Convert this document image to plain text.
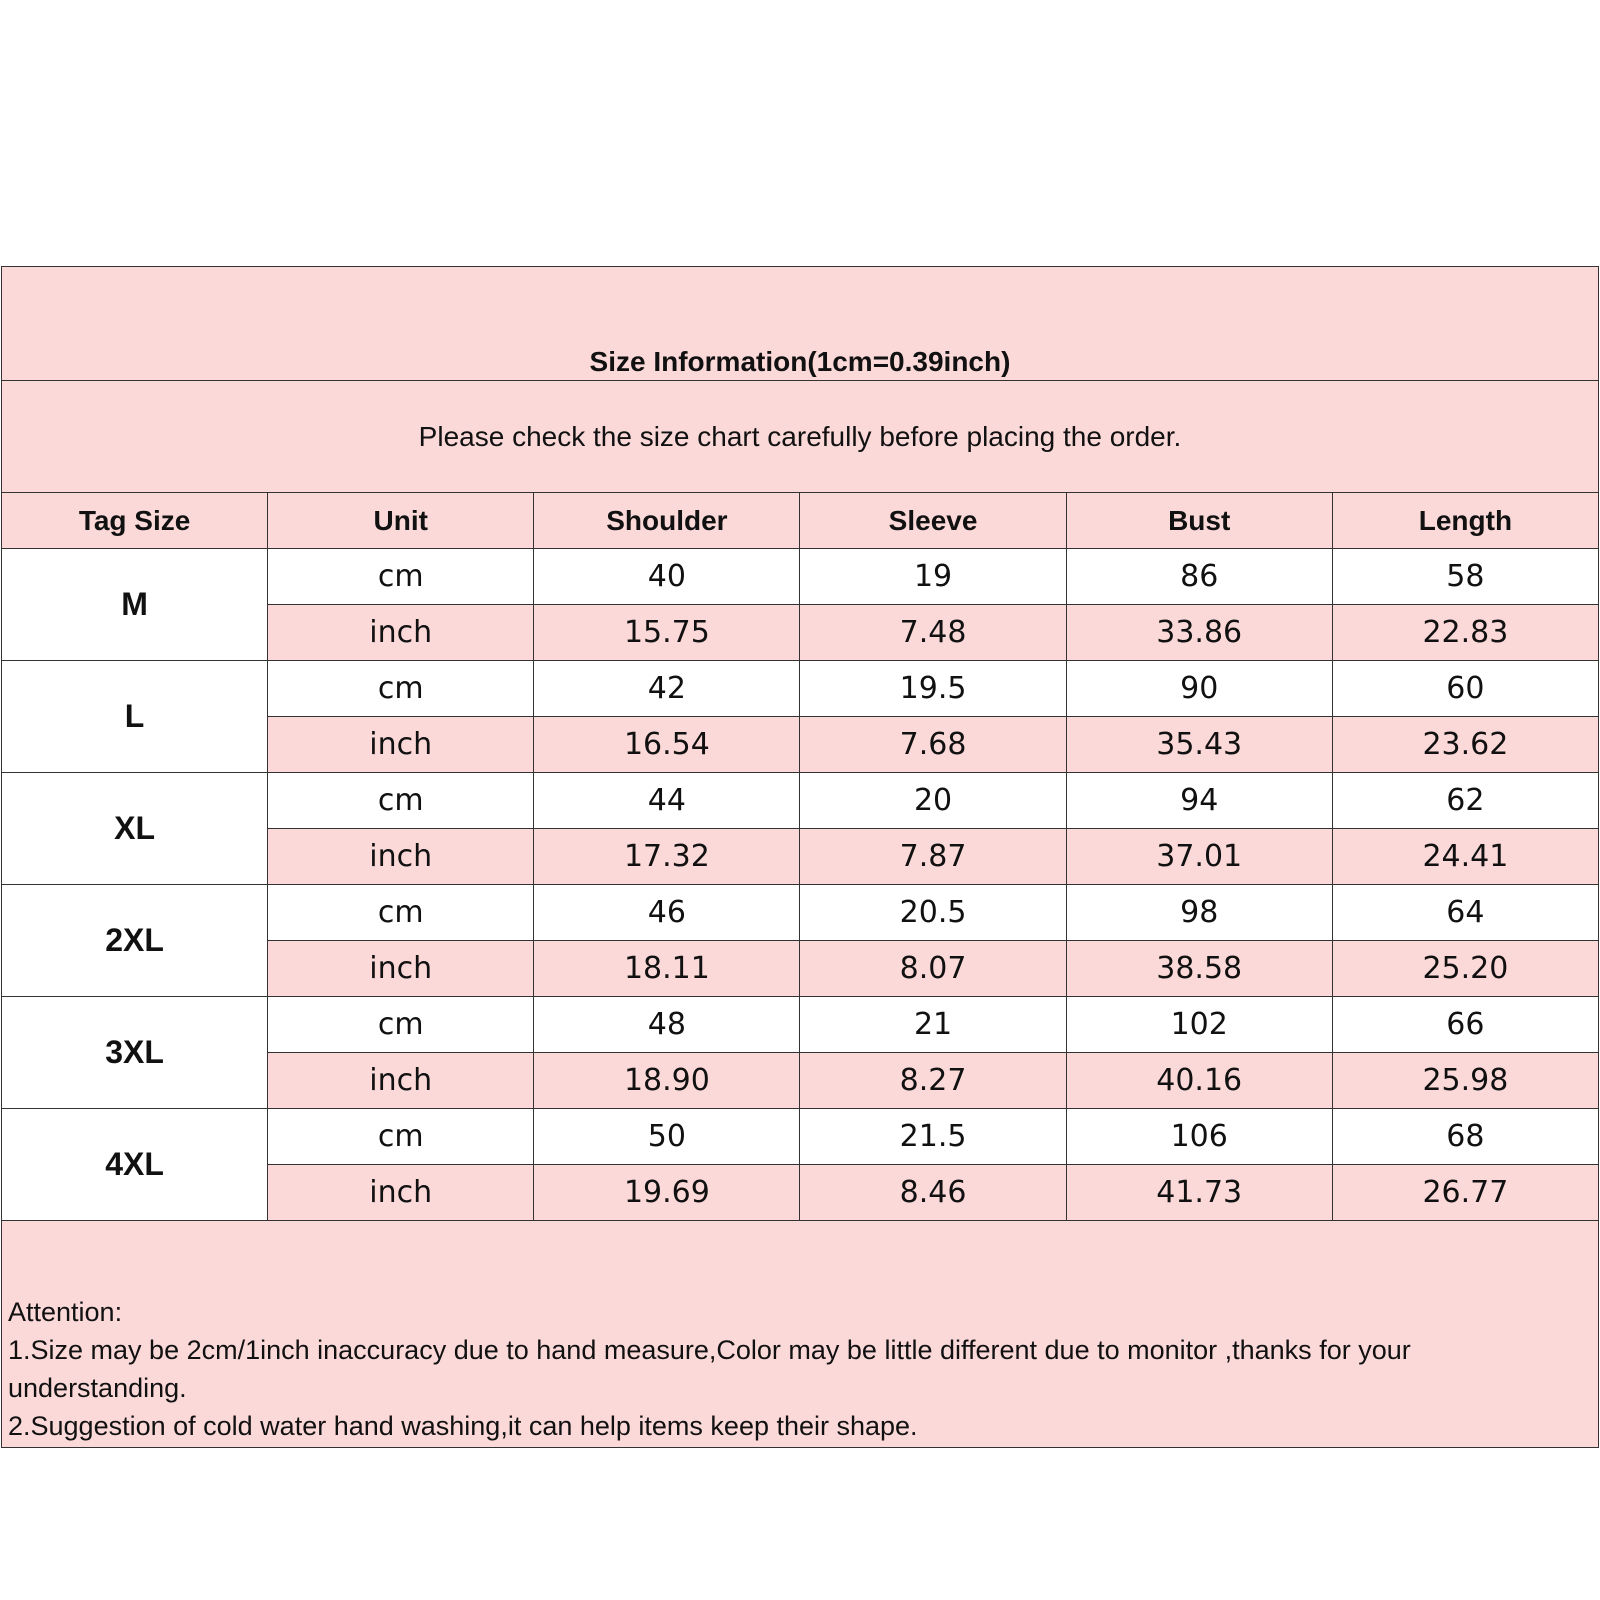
Size Information(1cm=0.39inch)					
Please check the size chart carefully before placing the order.					
Tag Size	Unit	Shoulder	Sleeve	Bust	Length
M	cm	40	19	86	58
	inch	15.75	7.48	33.86	22.83
L	cm	42	19.5	90	60
	inch	16.54	7.68	35.43	23.62
XL	cm	44	20	94	62
	inch	17.32	7.87	37.01	24.41
2XL	cm	46	20.5	98	64
	inch	18.11	8.07	38.58	25.20
3XL	cm	48	21	102	66
	inch	18.90	8.27	40.16	25.98
4XL	cm	50	21.5	106	68
	inch	19.69	8.46	41.73	26.77

Attention:
1.Size may be 2cm/1inch inaccuracy due to hand measure,Color may be little different due to monitor ,thanks for your understanding.
2.Suggestion of cold water hand washing,it can help items keep their shape.					
